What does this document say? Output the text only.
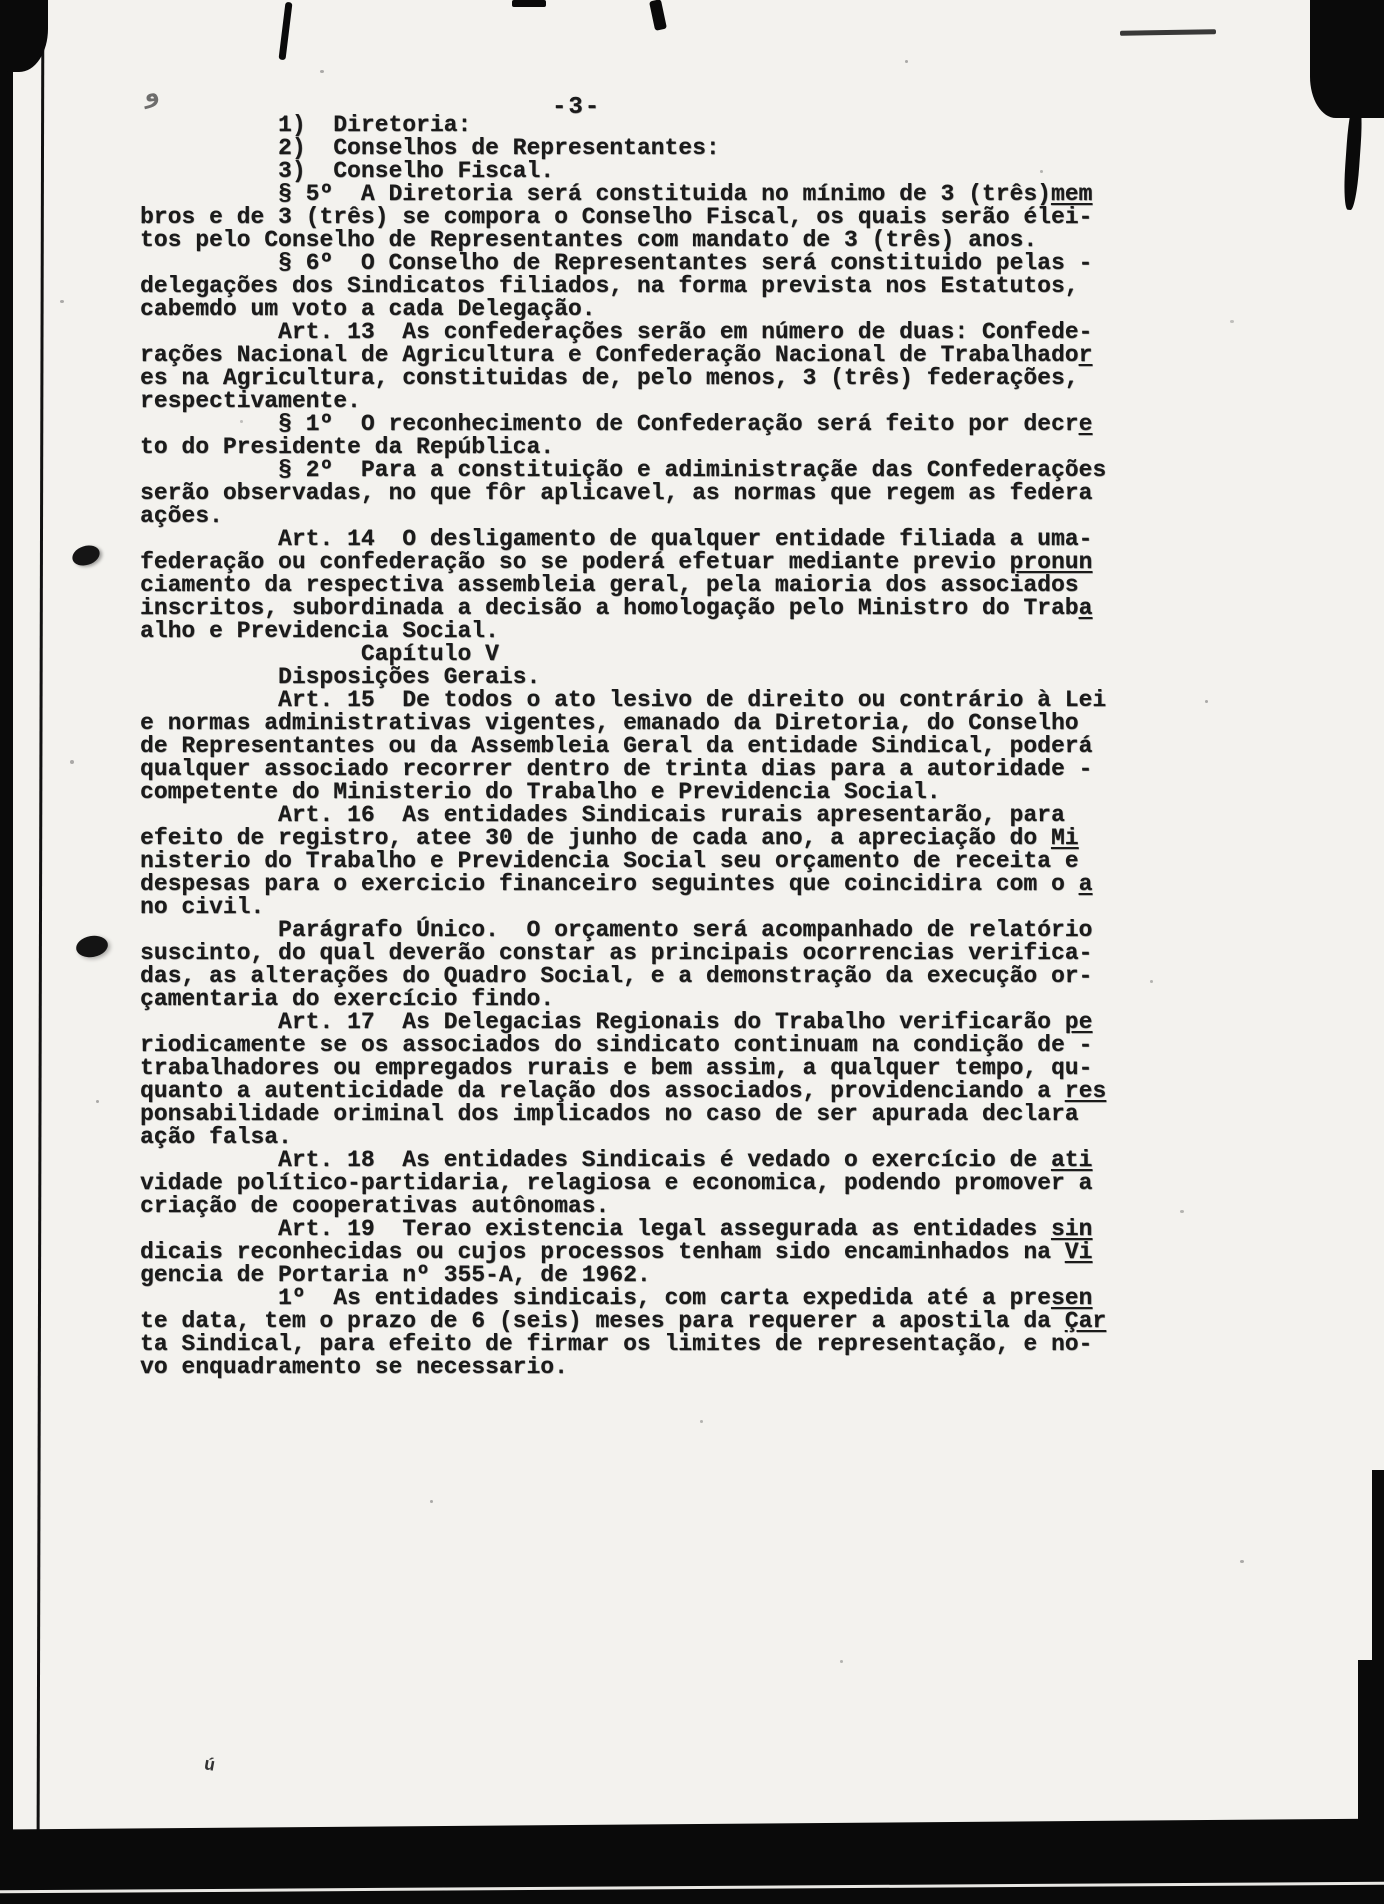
-3-
1)  Diretoria:
2)  Conselhos de Representantes:
3)  Conselho Fiscal.
§ 5º  A Diretoria será constituida no mínimo de 3 (três)mem
bros e de 3 (três) se compora o Conselho Fiscal, os quais serão élei-
tos pelo Conselho de Representantes com mandato de 3 (três) anos.
§ 6º  O Conselho de Representantes será constituido pelas -
delegações dos Sindicatos filiados, na forma prevista nos Estatutos,
cabemdo um voto a cada Delegação.
Art. 13  As confederações serão em número de duas: Confede-
rações Nacional de Agricultura e Confederação Nacional de Trabalhador
es na Agricultura, constituidas de, pelo menos, 3 (três) federações,
respectivamente.
§ 1º  O reconhecimento de Confederação será feito por decre
to do Presidente da República.
§ 2º  Para a constituição e adiministraçãe das Confederações
serão observadas, no que fôr aplicavel, as normas que regem as federa
ações.
Art. 14  O desligamento de qualquer entidade filiada a uma-
federação ou confederação so se poderá efetuar mediante previo pronun
ciamento da respectiva assembleia geral, pela maioria dos associados
inscritos, subordinada a decisão a homologação pelo Ministro do Traba
alho e Previdencia Social.
Capítulo V
Disposições Gerais.
Art. 15  De todos o ato lesivo de direito ou contrário à Lei
e normas administrativas vigentes, emanado da Diretoria, do Conselho
de Representantes ou da Assembleia Geral da entidade Sindical, poderá
qualquer associado recorrer dentro de trinta dias para a autoridade -
competente do Ministerio do Trabalho e Previdencia Social.
Art. 16  As entidades Sindicais rurais apresentarão, para
efeito de registro, atee 30 de junho de cada ano, a apreciação do Mi
nisterio do Trabalho e Previdencia Social seu orçamento de receita e
despesas para o exercicio financeiro seguintes que coincidira com o a
no civil.
Parágrafo Único.  O orçamento será acompanhado de relatório
suscinto, do qual deverão constar as principais ocorrencias verifica-
das, as alterações do Quadro Social, e a demonstração da execução or-
çamentaria do exercício findo.
Art. 17  As Delegacias Regionais do Trabalho verificarão pe
riodicamente se os associados do sindicato continuam na condição de -
trabalhadores ou empregados rurais e bem assim, a qualquer tempo, qu-
quanto a autenticidade da relação dos associados, providenciando a res
ponsabilidade oriminal dos implicados no caso de ser apurada declara
ação falsa.
Art. 18  As entidades Sindicais é vedado o exercício de ati
vidade político-partidaria, relagiosa e economica, podendo promover a
criação de cooperativas autônomas.
Art. 19  Terao existencia legal assegurada as entidades sin
dicais reconhecidas ou cujos processos tenham sido encaminhados na Vi
gencia de Portaria nº 355-A, de 1962.
1º  As entidades sindicais, com carta expedida até a presen
te data, tem o prazo de 6 (seis) meses para requerer a apostila da Çar
ta Sindical, para efeito de firmar os limites de representação, e no-
vo enquadramento se necessario.
و
ú
